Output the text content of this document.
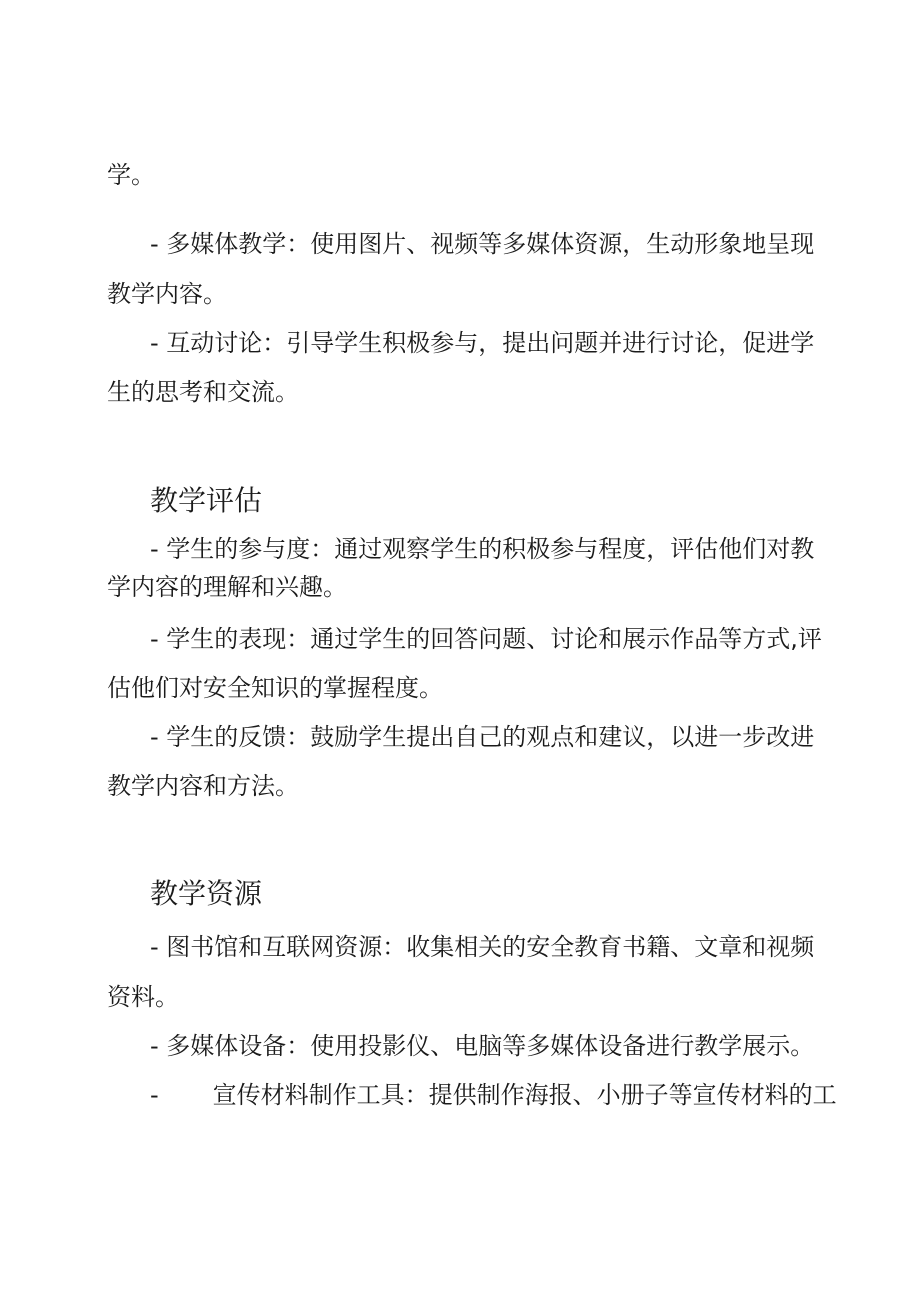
学。
- 多媒体教学：使用图片、视频等多媒体资源，生动形象地呈现
教学内容。
- 互动讨论：引导学生积极参与，提出问题并进行讨论，促进学
生的思考和交流。
教学评估
- 学生的参与度：通过观察学生的积极参与程度，评估他们对教
学内容的理解和兴趣。
- 学生的表现：通过学生的回答问题、讨论和展示作品等方式,评
估他们对安全知识的掌握程度。
- 学生的反馈：鼓励学生提出自己的观点和建议，以进一步改进
教学内容和方法。
教学资源
- 图书馆和互联网资源：收集相关的安全教育书籍、文章和视频
资料。
- 多媒体设备：使用投影仪、电脑等多媒体设备进行教学展示。
- 宣传材料制作工具：提供制作海报、小册子等宣传材料的工
